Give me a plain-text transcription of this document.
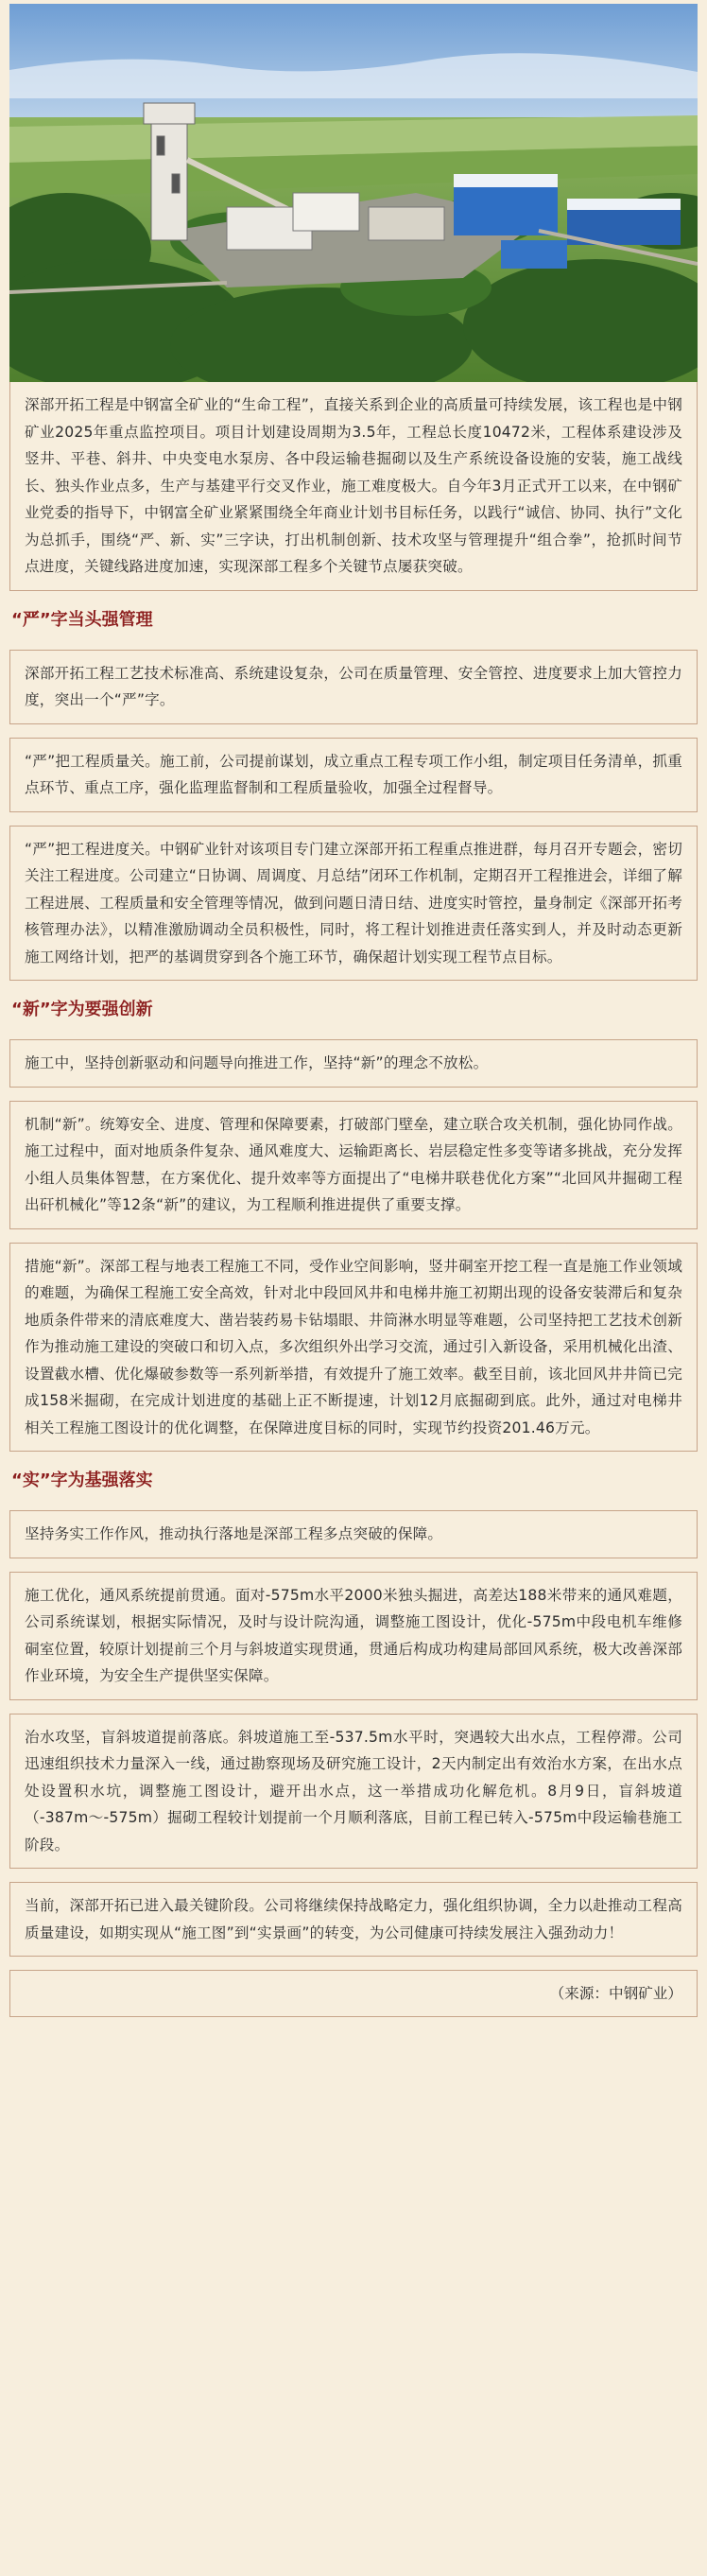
深部开拓工程是中钢富全矿业的“生命工程”，直接关系到企业的高质量可持续发展，该工程也是中钢矿业2025年重点监控项目。项目计划建设周期为3.5年，工程总长度10472米，工程体系建设涉及竖井、平巷、斜井、中央变电水泵房、各中段运输巷掘砌以及生产系统设备设施的安装，施工战线长、独头作业点多，生产与基建平行交叉作业，施工难度极大。自今年3月正式开工以来，在中钢矿业党委的指导下，中钢富全矿业紧紧围绕全年商业计划书目标任务，以践行“诚信、协同、执行”文化为总抓手，围绕“严、新、实”三字诀，打出机制创新、技术攻坚与管理提升“组合拳”，抢抓时间节点进度，关键线路进度加速，实现深部工程多个关键节点屡获突破。

“严”字当头强管理

深部开拓工程工艺技术标准高、系统建设复杂，公司在质量管理、安全管控、进度要求上加大管控力度，突出一个“严”字。

“严”把工程质量关。施工前，公司提前谋划，成立重点工程专项工作小组，制定项目任务清单，抓重点环节、重点工序，强化监理监督制和工程质量验收，加强全过程督导。

“严”把工程进度关。中钢矿业针对该项目专门建立深部开拓工程重点推进群，每月召开专题会，密切关注工程进度。公司建立“日协调、周调度、月总结”闭环工作机制，定期召开工程推进会，详细了解工程进展、工程质量和安全管理等情况，做到问题日清日结、进度实时管控，量身制定《深部开拓考核管理办法》，以精准激励调动全员积极性，同时，将工程计划推进责任落实到人，并及时动态更新施工网络计划，把严的基调贯穿到各个施工环节，确保超计划实现工程节点目标。

“新”字为要强创新

施工中，坚持创新驱动和问题导向推进工作，坚持“新”的理念不放松。

机制“新”。统筹安全、进度、管理和保障要素，打破部门壁垒，建立联合攻关机制，强化协同作战。施工过程中，面对地质条件复杂、通风难度大、运输距离长、岩层稳定性多变等诸多挑战，充分发挥小组人员集体智慧，在方案优化、提升效率等方面提出了“电梯井联巷优化方案”“北回风井掘砌工程出矸机械化”等12条“新”的建议，为工程顺利推进提供了重要支撑。

措施“新”。深部工程与地表工程施工不同，受作业空间影响，竖井硐室开挖工程一直是施工作业领域的难题，为确保工程施工安全高效，针对北中段回风井和电梯井施工初期出现的设备安装滞后和复杂地质条件带来的清底难度大、凿岩装药易卡钻塌眼、井筒淋水明显等难题，公司坚持把工艺技术创新作为推动施工建设的突破口和切入点，多次组织外出学习交流，通过引入新设备，采用机械化出渣、设置截水槽、优化爆破参数等一系列新举措，有效提升了施工效率。截至目前，该北回风井井筒已完成158米掘砌，在完成计划进度的基础上正不断提速，计划12月底掘砌到底。此外，通过对电梯井相关工程施工图设计的优化调整，在保障进度目标的同时，实现节约投资201.46万元。

“实”字为基强落实

坚持务实工作作风，推动执行落地是深部工程多点突破的保障。

施工优化，通风系统提前贯通。面对-575m水平2000米独头掘进，高差达188米带来的通风难题，公司系统谋划，根据实际情况，及时与设计院沟通，调整施工图设计，优化-575m中段电机车维修硐室位置，较原计划提前三个月与斜坡道实现贯通，贯通后构成功构建局部回风系统，极大改善深部作业环境，为安全生产提供坚实保障。

治水攻坚，盲斜坡道提前落底。斜坡道施工至-537.5m水平时，突遇较大出水点，工程停滞。公司迅速组织技术力量深入一线，通过勘察现场及研究施工设计，2天内制定出有效治水方案，在出水点处设置积水坑，调整施工图设计，避开出水点，这一举措成功化解危机。8月9日，盲斜坡道（-387m～-575m）掘砌工程较计划提前一个月顺利落底，目前工程已转入-575m中段运输巷施工阶段。

当前，深部开拓已进入最关键阶段。公司将继续保持战略定力，强化组织协调，全力以赴推动工程高质量建设，如期实现从“施工图”到“实景画”的转变，为公司健康可持续发展注入强劲动力！

（来源：中钢矿业）
